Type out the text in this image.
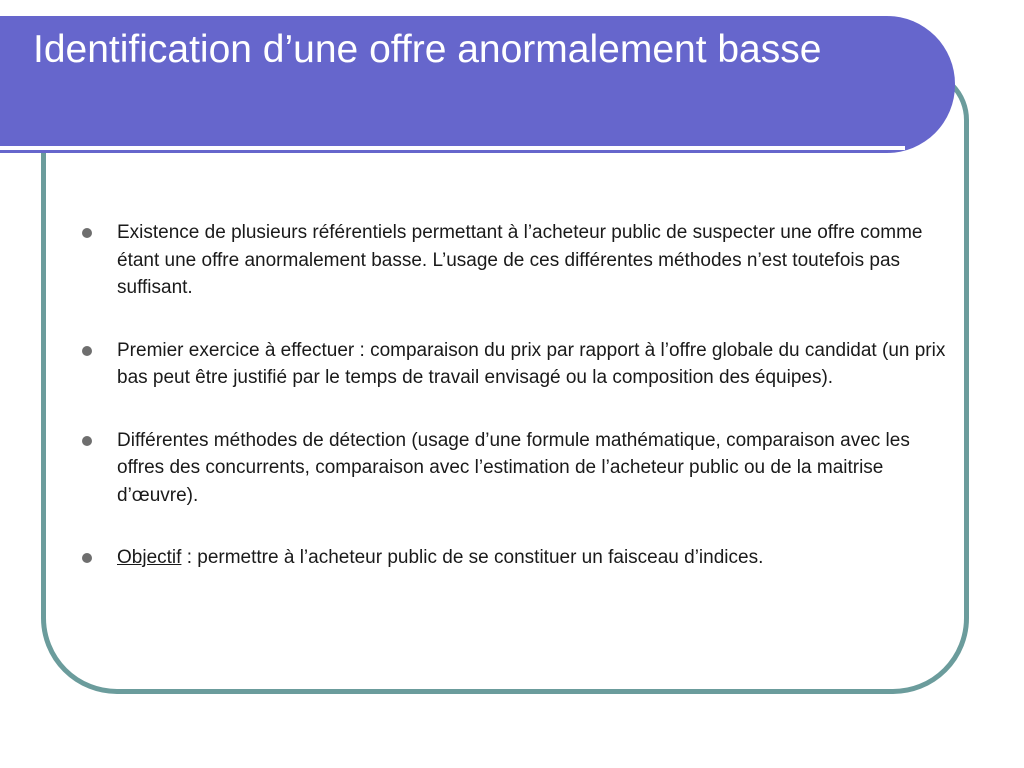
Identification d’une offre anormalement basse
Existence de plusieurs référentiels permettant à l’acheteur public de suspecter une offre comme étant une offre anormalement basse. L’usage de ces différentes méthodes n’est toutefois pas suffisant.
Premier exercice à effectuer : comparaison du prix par rapport à l’offre globale du candidat (un prix bas peut être justifié par le temps de travail envisagé ou la composition des équipes).
Différentes méthodes de détection (usage d’une formule mathématique, comparaison avec les offres des concurrents, comparaison avec l’estimation de l’acheteur public ou de la maitrise d’œuvre).
Objectif : permettre à l’acheteur public de se constituer un faisceau d’indices.
